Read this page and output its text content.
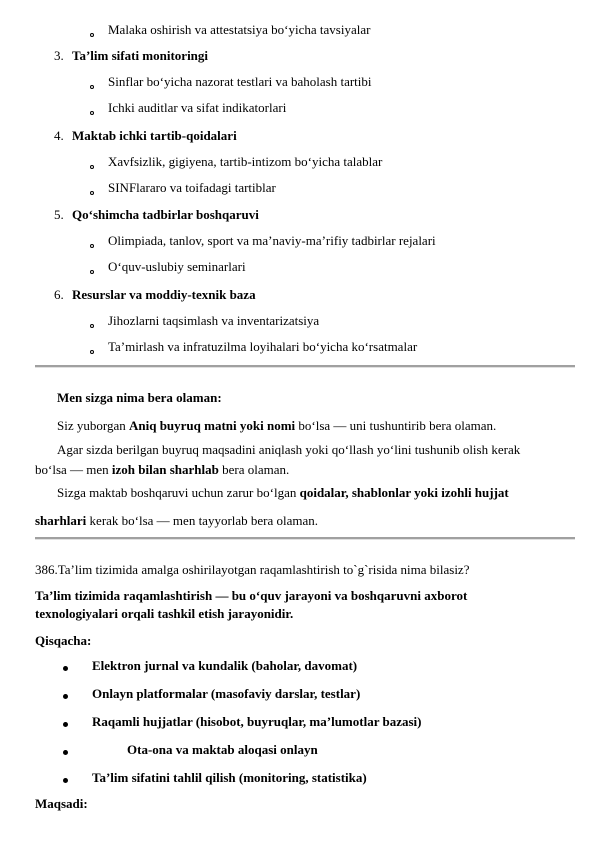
Malaka oshirish va attestatsiya bo‘yicha tavsiyalar
3. Ta’lim sifati monitoringi
Sinflar bo‘yicha nazorat testlari va baholash tartibi
Ichki auditlar va sifat indikatorlari
4. Maktab ichki tartib-qoidalari
Xavfsizlik, gigiyena, tartib-intizom bo‘yicha talablar
SINFlararo va toifadagi tartiblar
5. Qo‘shimcha tadbirlar boshqaruvi
Olimpiada, tanlov, sport va ma’naviy-ma’rifiy tadbirlar rejalari
O‘quv-uslubiy seminarlari
6. Resurslar va moddiy-texnik baza
Jihozlarni taqsimlash va inventarizatsiya
Ta’mirlash va infratuzilma loyihalari bo‘yicha ko‘rsatmalar
Men sizga nima bera olaman:
Siz yuborgan Aniq buyruq matni yoki nomi bo‘lsa — uni tushuntirib bera olaman.
Agar sizda berilgan buyruq maqsadini aniqlash yoki qo‘llash yo‘lini tushunib olish kerak
bo‘lsa — men izoh bilan sharhlab bera olaman.
Sizga maktab boshqaruvi uchun zarur bo‘lgan qoidalar, shablonlar yoki izohli hujjat
sharhlari kerak bo‘lsa — men tayyorlab bera olaman.
386.Ta’lim tizimida amalga oshirilayotgan raqamlashtirish to`g`risida nima bilasiz?
Ta’lim tizimida raqamlashtirish — bu o‘quv jarayoni va boshqaruvni axborot
texnologiyalari orqali tashkil etish jarayonidir.
Qisqacha:
Elektron jurnal va kundalik (baholar, davomat)
Onlayn platformalar (masofaviy darslar, testlar)
Raqamli hujjatlar (hisobot, buyruqlar, ma’lumotlar bazasi)
Ota-ona va maktab aloqasi onlayn
Ta’lim sifatini tahlil qilish (monitoring, statistika)
Maqsadi:
